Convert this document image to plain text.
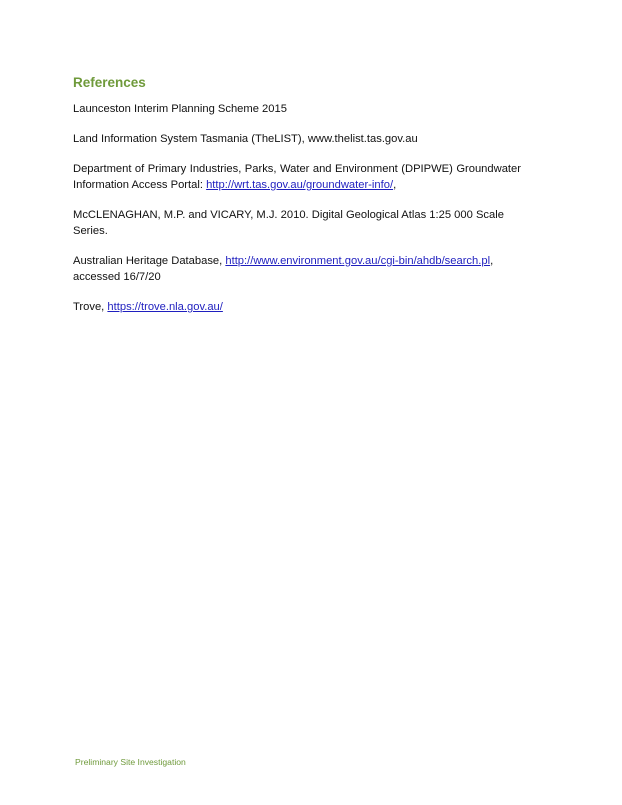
References

Launceston Interim Planning Scheme 2015

Land Information System Tasmania (TheLIST), www.thelist.tas.gov.au

Department of Primary Industries, Parks, Water and Environment (DPIPWE) Groundwater Information Access Portal: http://wrt.tas.gov.au/groundwater-info/,

McCLENAGHAN, M.P. and VICARY, M.J. 2010. Digital Geological Atlas 1:25 000 Scale Series.

Australian Heritage Database, http://www.environment.gov.au/cgi-bin/ahdb/search.pl, accessed 16/7/20

Trove, https://trove.nla.gov.au/

Preliminary Site Investigation
